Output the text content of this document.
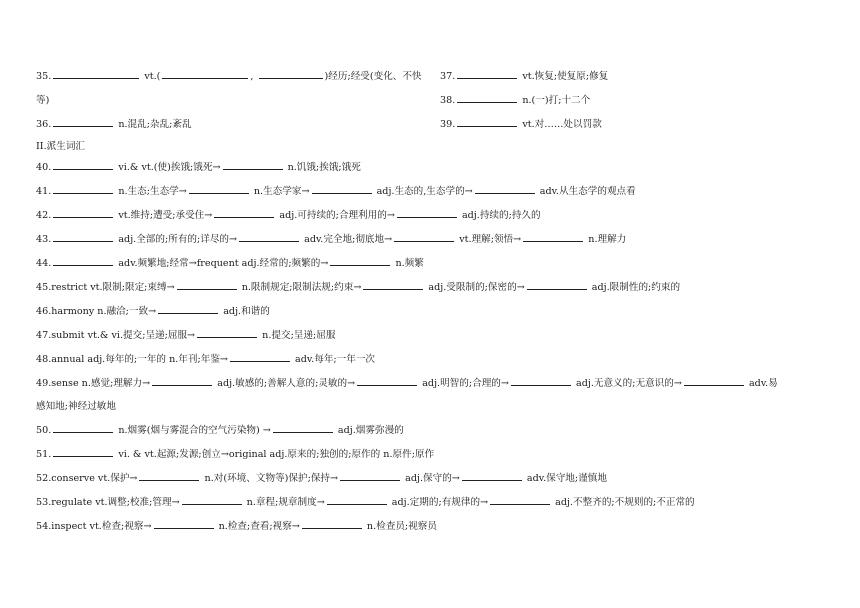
35.	vt.(	,	)经历;经受(变化、不快
等)
36.	n.混乱;杂乱;紊乱
II.派生词汇
40.	vi.& vt.(使)挨饿;饿死→	n.饥饿;挨饿;饿死
41.	n.生态;生态学→	n.生态学家→	adj.生态的,生态学的→	adv.从生态学的观点看
42.	vt.维持;遭受;承受住→	adj.可持续的;合理利用的→	adj.持续的;持久的
43.	adj.全部的;所有的;详尽的→	adv.完全地;彻底地→	vt.理解;领悟→	n.理解力
44.	adv.频繁地;经常→frequent adj.经常的;频繁的→	n.频繁
45.restrict vt.限制;限定;束缚→	n.限制规定;限制法规;约束→	adj.受限制的;保密的→	adj.限制性的;约束的
46.harmony n.融洽;一致→	adj.和谐的
47.submit vt.& vi.提交;呈递;屈服→	n.提交;呈递;屈服
48.annual adj.每年的;一年的 n.年刊;年鉴→	adv.每年;一年一次
49.sense n.感觉;理解力→	adj.敏感的;善解人意的;灵敏的→	adj.明智的;合理的→	adj.无意义的;无意识的→	adv.易
感知地;神经过敏地
50.	n.烟雾(烟与雾混合的空气污染物) →	adj.烟雾弥漫的
51.	vi. & vt.起源;发源;创立→original adj.原来的;独创的;原作的 n.原件;原作
52.conserve vt.保护→	n.对(环境、文物等)保护;保持→	adj.保守的→	adv.保守地;谨慎地
53.regulate vt.调整;校准;管理→	n.章程;规章制度→	adj.定期的;有规律的→	adj.不整齐的;不规则的;不正常的
54.inspect vt.检查;视察→	n.检查;查看;视察→	n.检查员;视察员
37.	vt.恢复;使复原;修复
38.	n.(一)打;十二个
39.	vt.对……处以罚款
